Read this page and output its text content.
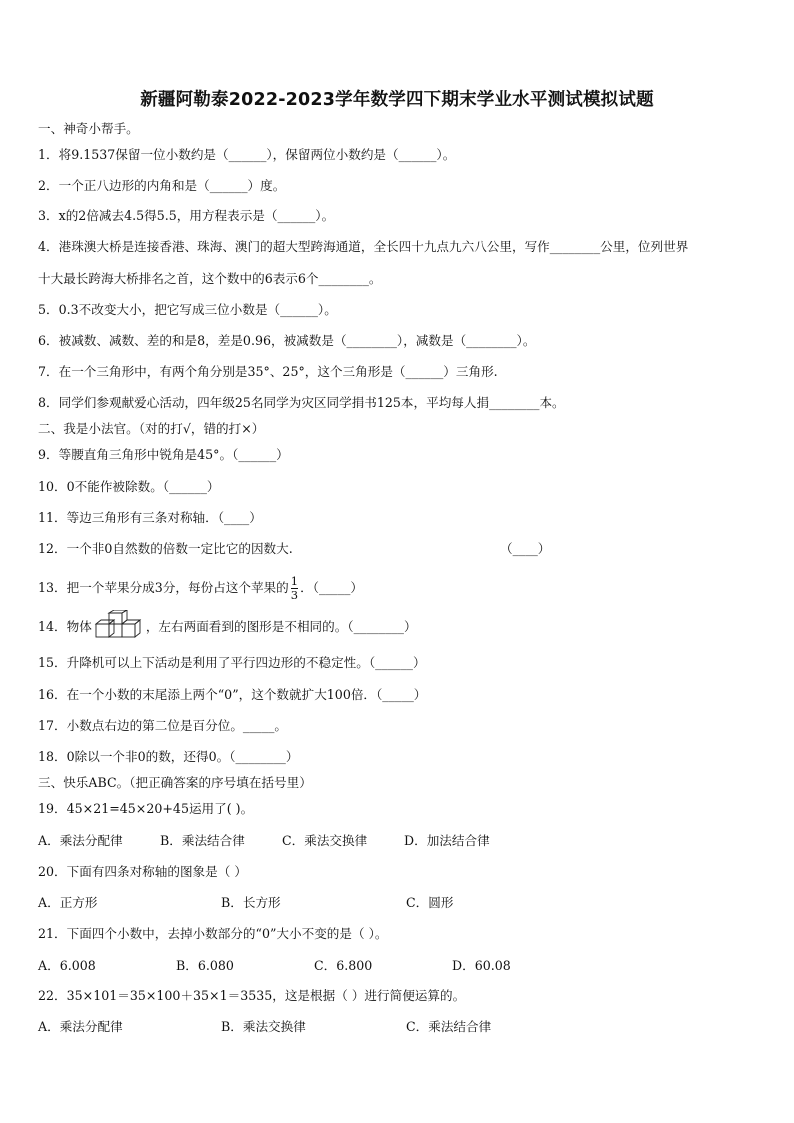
新疆阿勒泰2022-2023学年数学四下期末学业水平测试模拟试题
一、神奇小帮手。
1．将9.1537保留一位小数约是（______），保留两位小数约是（______）。
2．一个正八边形的内角和是（______）度。
3．x的2倍减去4.5得5.5，用方程表示是（______）。
4．港珠澳大桥是连接香港、珠海、澳门的超大型跨海通道，全长四十九点九六八公里，写作________公里，位列世界
十大最长跨海大桥排名之首，这个数中的6表示6个________。
5．0.3不改变大小，把它写成三位小数是（______）。
6．被减数、减数、差的和是8，差是0.96，被减数是（________），减数是（________）。
7．在一个三角形中，有两个角分别是35°、25°，这个三角形是（______）三角形.
8．同学们参观献爱心活动，四年级25名同学为灾区同学捐书125本，平均每人捐________本。
二、我是小法官。（对的打√，错的打×）
9．等腰直角三角形中锐角是45°。（______）
10．0不能作被除数。（______）
11．等边三角形有三条对称轴．（____）
12．一个非0自然数的倍数一定比它的因数大.	（____）
13．把一个苹果分成3分，每份占这个苹果的 $\frac{1}{3}$ ．（_____）
14．物体	，左右两面看到的图形是不相同的。（________）
15．升降机可以上下活动是利用了平行四边形的不稳定性。（______）
16．在一个小数的末尾添上两个“0”，这个数就扩大100倍．（_____）
17．小数点右边的第二位是百分位。_____。
18．0除以一个非0的数，还得0。（________）
三、快乐ABC。（把正确答案的序号填在括号里）
19．45×21=45×20+45运用了( )。
A．乘法分配律	B．乘法结合律	C．乘法交换律	D．加法结合律
20．下面有四条对称轴的图象是（ ）
A．正方形	B．长方形	C．圆形
21．下面四个小数中，去掉小数部分的“0”大小不变的是（ ）。
A．6.008	B．6.080	C．6.800	D．60.08
22．35×101＝35×100＋35×1＝3535，这是根据（ ）进行简便运算的。
A．乘法分配律	B．乘法交换律	C．乘法结合律
